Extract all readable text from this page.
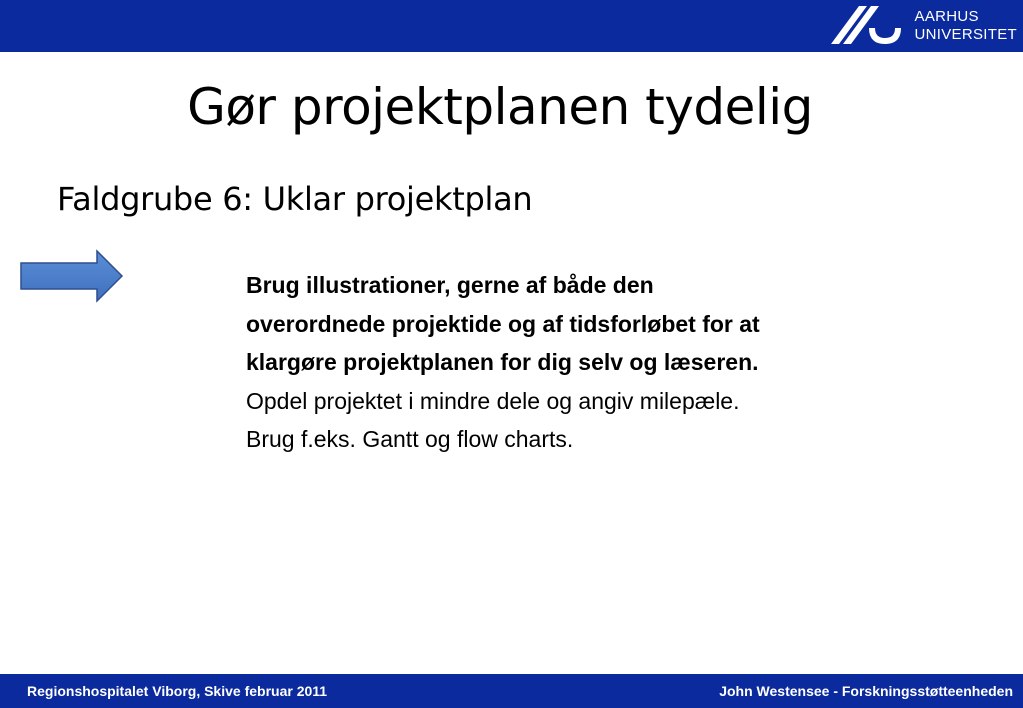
AARHUS
UNIVERSITET
Gør projektplanen tydelig
Faldgrube 6: Uklar projektplan
Brug illustrationer, gerne af både den
overordnede projektide og af tidsforløbet for at
klargøre projektplanen for dig selv og læseren.
Opdel projektet i mindre dele og angiv milepæle.
Brug f.eks. Gantt og flow charts.
Regionshospitalet Viborg, Skive februar 2011	John Westensee - Forskningsstøtteenheden
